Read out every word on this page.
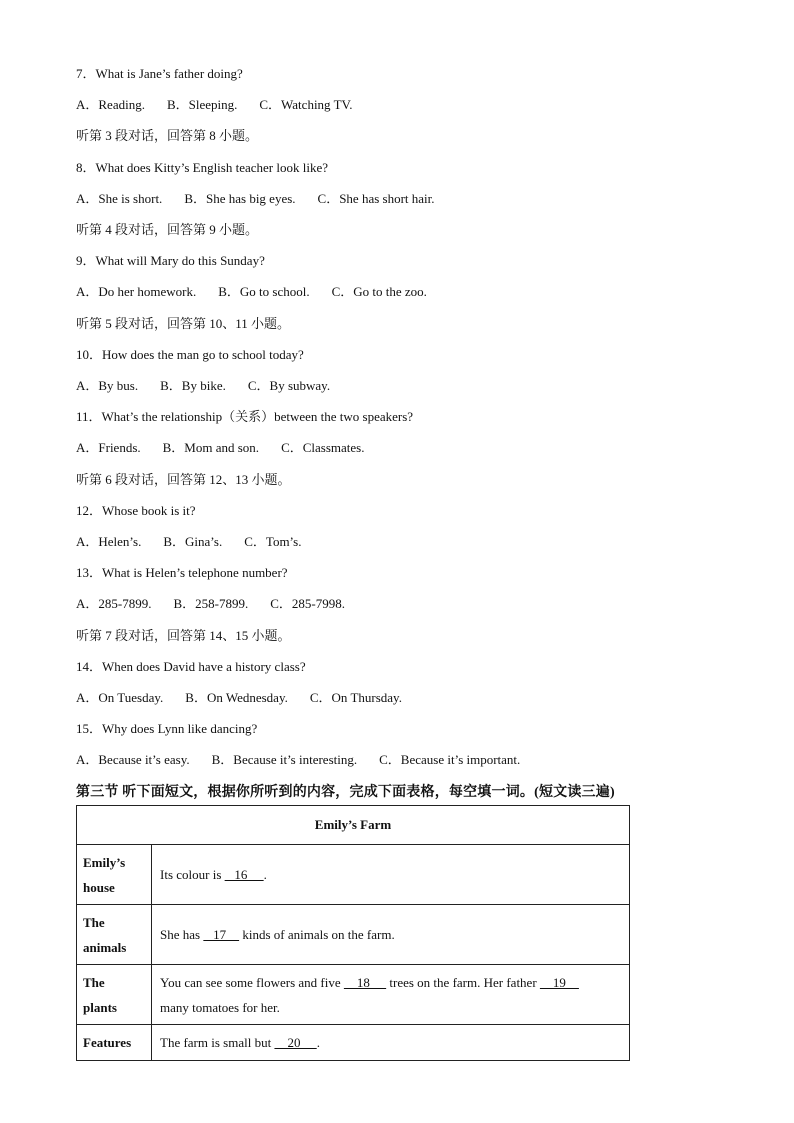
7．What is Jane’s father doing?
A．Reading. B．Sleeping. C．Watching TV.
听第 3 段对话，回答第 8 小题。
8．What does Kitty’s English teacher look like?
A．She is short. B．She has big eyes. C．She has short hair.
听第 4 段对话，回答第 9 小题。
9．What will Mary do this Sunday?
A．Do her homework. B．Go to school. C．Go to the zoo.
听第 5 段对话，回答第 10、11 小题。
10．How does the man go to school today?
A．By bus. B．By bike. C．By subway.
11．What’s the relationship（关系）between the two speakers?
A．Friends. B．Mom and son. C．Classmates.
听第 6 段对话，回答第 12、13 小题。
12．Whose book is it?
A．Helen’s. B．Gina’s. C．Tom’s.
13．What is Helen’s telephone number?
A．285-7899. B．258-7899. C．285-7998.
听第 7 段对话，回答第 14、15 小题。
14．When does David have a history class?
A．On Tuesday. B．On Wednesday. C．On Thursday.
15．Why does Lynn like dancing?
A．Because it’s easy. B．Because it’s interesting. C．Because it’s important.
第三节 听下面短文，根据你所听到的内容，完成下面表格，每空填一词。(短文读三遍)
Emily’s Farm	
Emily’s
house	Its colour is    16     .
The
animals	She has    17     kinds of animals on the farm.
The
plants	You can see some flowers and five     18      trees on the farm. Her father     19
many tomatoes for her.
Features	The farm is small but     20     .
